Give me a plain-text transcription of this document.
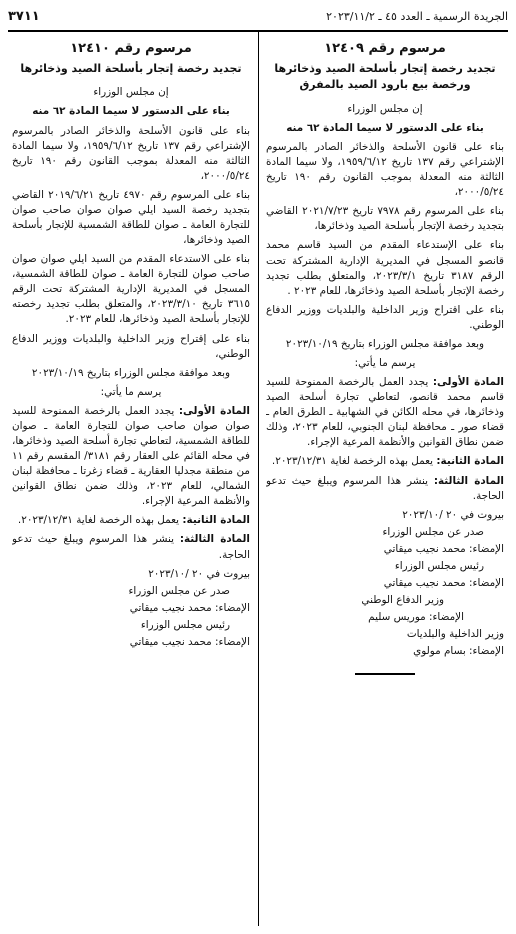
الجريدة الرسمية ـ العدد ٤٥ ـ ٢٠٢٣/١١/٢
٣٧١١
مرسوم رقم ١٢٤٠٩
تجديد رخصة إتجار بأسلحة الصيد وذخائرها ورخصة بيع بارود الصيد بالمفرق
إن مجلس الوزراء
بناء على الدستور لا سيما المادة ٦٢ منه

بناء على قانون الأسلحة والذخائر الصادر بالمرسوم الإشتراعي رقم ١٣٧ تاريخ ١٩٥٩/٦/١٢، ولا سيما المادة الثالثة منه المعدلة بموجب القانون رقم ١٩٠ تاريخ ٢٠٠٠/٥/٢٤،

بناء على المرسوم رقم ٧٩٧٨ تاريخ ٢٠٢١/٧/٢٣ القاضي بتجديد رخصة الإتجار بأسلحة الصيد وذخائرها،

بناء على الإستدعاء المقدم من السيد قاسم محمد قانصو المسجل في المديرية الإدارية المشتركة تحت الرقم ٣١٨٧ تاريخ ٢٠٢٣/٣/١، والمتعلق بطلب تجديد رخصة الإتجار بأسلحة الصيد وذخائرها، للعام ٢٠٢٣ .

بناء على اقتراح وزير الداخلية والبلديات ووزير الدفاع الوطني.

وبعد موافقة مجلس الوزراء بتاريخ ٢٠٢٣/١٠/١٩
يرسم ما يأتي:

المادة الأولى: يجدد العمل بالرخصة الممنوحة للسيد قاسم محمد قانصو، لتعاطي تجارة أسلحة الصيد وذخائرها، في محله الكائن في الشهابية ـ الطرق العام ـ قضاء صور ـ محافظة لبنان الجنوبي، للعام ٢٠٢٣، وذلك ضمن نطاق القوانين والأنظمة المرعية الإجراء.

المادة الثانية: يعمل بهذه الرخصة لغاية ٢٠٢٣/١٢/٣١.

المادة الثالثة: ينشر هذا المرسوم ويبلغ حيث تدعو الحاجة.

بيروت في ٢٠ /٢٠٢٣/١٠
صدر عن مجلس الوزراء
الإمضاء: محمد نجيب ميقاتي
رئيس مجلس الوزراء
الإمضاء: محمد نجيب ميقاتي
وزير الدفاع الوطني
الإمضاء: موريس سليم
وزير الداخلية والبلديات
الإمضاء: بسام مولوي
مرسوم رقم ١٢٤١٠
تجديد رخصة إتجار بأسلحة الصيد وذخائرها
إن مجلس الوزراء
بناء على الدستور لا سيما المادة ٦٢ منه

بناء على قانون الأسلحة والذخائر الصادر بالمرسوم الإشتراعي رقم ١٣٧ تاريخ ١٩٥٩/٦/١٢، ولا سيما المادة الثالثة منه المعدلة بموجب القانون رقم ١٩٠ تاريخ ٢٠٠٠/٥/٢٤،

بناء على المرسوم رقم ٤٩٧٠ تاريخ ٢٠١٩/٦/٢١ القاضي بتجديد رخصة السيد ايلي صوان صوان صاحب صوان للتجارة العامة ـ صوان للطاقة الشمسية للإتجار بأسلحة الصيد وذخائرها،

بناء على الاستدعاء المقدم من السيد ايلي صوان صوان صاحب صوان للتجارة العامة ـ صوان للطاقة الشمسية، المسجل في المديرية الإدارية المشتركة تحت الرقم ٣٦١٥ تاريخ ٢٠٢٣/٣/١٠، والمتعلق بطلب تجديد رخصته للإتجار بأسلحة الصيد وذخائرها، للعام ٢٠٢٣.

بناء على إقتراح وزير الداخلية والبلديات ووزير الدفاع الوطني،

وبعد موافقة مجلس الوزراء بتاريخ ٢٠٢٣/١٠/١٩
يرسم ما يأتي:

المادة الأولى: يجدد العمل بالرخصة الممنوحة للسيد صوان صوان صاحب صوان للتجارة العامة ـ صوان للطاقة الشمسية، لتعاطي تجارة أسلحة الصيد وذخائرها، في محله القائم على العقار رقم ٣١٨١/ المقسم رقم ١١ من منطقة مجدليا العقارية ـ قضاء زغرتا ـ محافظة لبنان الشمالي، للعام ٢٠٢٣، وذلك ضمن نطاق القوانين والأنظمة المرعية الإجراء.

المادة الثانية: يعمل بهذه الرخصة لغاية ٢٠٢٣/١٢/٣١.

المادة الثالثة: ينشر هذا المرسوم ويبلغ حيث تدعو الحاجة.

بيروت في ٢٠ /٢٠٢٣/١٠
صدر عن مجلس الوزراء
الإمضاء: محمد نجيب ميقاتي
رئيس مجلس الوزراء
الإمضاء: محمد نجيب ميقاتي
